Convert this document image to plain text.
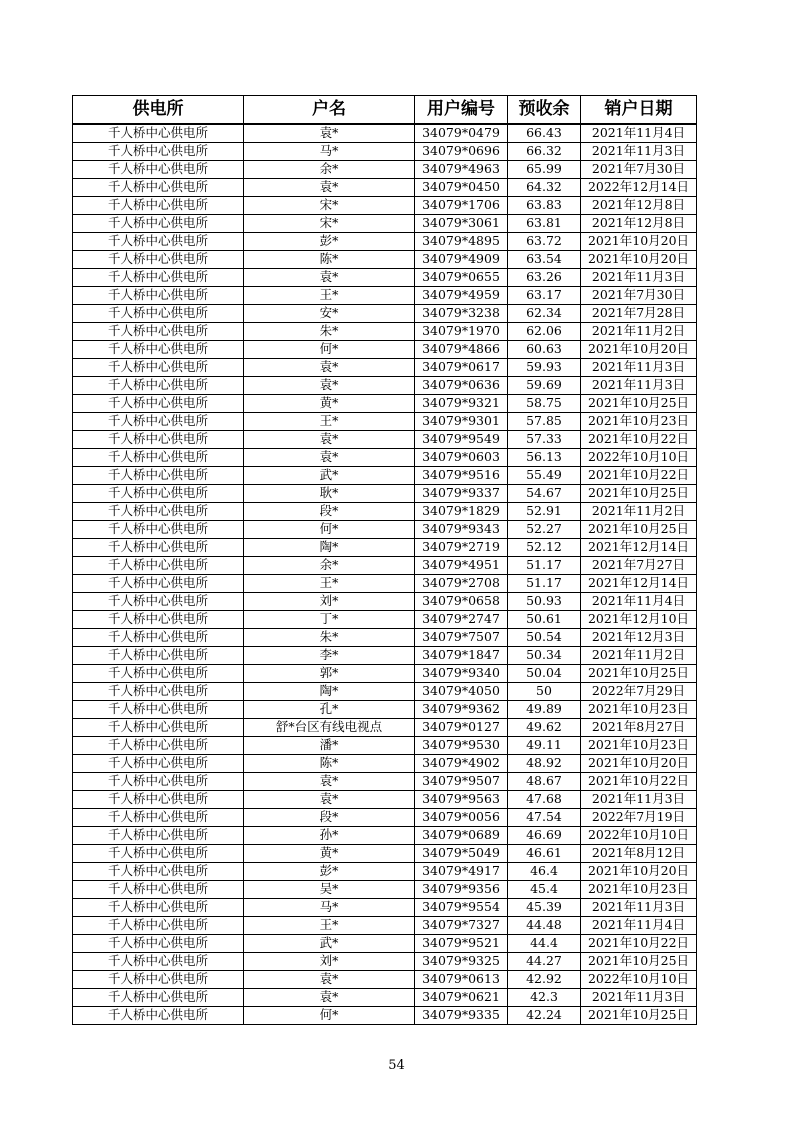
供电所	户名	用户编号	预收余	销户日期
千人桥中心供电所	袁*	34079*0479	66.43	2021年11月4日
千人桥中心供电所	马*	34079*0696	66.32	2021年11月3日
千人桥中心供电所	余*	34079*4963	65.99	2021年7月30日
千人桥中心供电所	袁*	34079*0450	64.32	2022年12月14日
千人桥中心供电所	宋*	34079*1706	63.83	2021年12月8日
千人桥中心供电所	宋*	34079*3061	63.81	2021年12月8日
千人桥中心供电所	彭*	34079*4895	63.72	2021年10月20日
千人桥中心供电所	陈*	34079*4909	63.54	2021年10月20日
千人桥中心供电所	袁*	34079*0655	63.26	2021年11月3日
千人桥中心供电所	王*	34079*4959	63.17	2021年7月30日
千人桥中心供电所	安*	34079*3238	62.34	2021年7月28日
千人桥中心供电所	朱*	34079*1970	62.06	2021年11月2日
千人桥中心供电所	何*	34079*4866	60.63	2021年10月20日
千人桥中心供电所	袁*	34079*0617	59.93	2021年11月3日
千人桥中心供电所	袁*	34079*0636	59.69	2021年11月3日
千人桥中心供电所	黄*	34079*9321	58.75	2021年10月25日
千人桥中心供电所	王*	34079*9301	57.85	2021年10月23日
千人桥中心供电所	袁*	34079*9549	57.33	2021年10月22日
千人桥中心供电所	袁*	34079*0603	56.13	2022年10月10日
千人桥中心供电所	武*	34079*9516	55.49	2021年10月22日
千人桥中心供电所	耿*	34079*9337	54.67	2021年10月25日
千人桥中心供电所	段*	34079*1829	52.91	2021年11月2日
千人桥中心供电所	何*	34079*9343	52.27	2021年10月25日
千人桥中心供电所	陶*	34079*2719	52.12	2021年12月14日
千人桥中心供电所	余*	34079*4951	51.17	2021年7月27日
千人桥中心供电所	王*	34079*2708	51.17	2021年12月14日
千人桥中心供电所	刘*	34079*0658	50.93	2021年11月4日
千人桥中心供电所	丁*	34079*2747	50.61	2021年12月10日
千人桥中心供电所	朱*	34079*7507	50.54	2021年12月3日
千人桥中心供电所	李*	34079*1847	50.34	2021年11月2日
千人桥中心供电所	郭*	34079*9340	50.04	2021年10月25日
千人桥中心供电所	陶*	34079*4050	50	2022年7月29日
千人桥中心供电所	孔*	34079*9362	49.89	2021年10月23日
千人桥中心供电所	舒*台区有线电视点	34079*0127	49.62	2021年8月27日
千人桥中心供电所	潘*	34079*9530	49.11	2021年10月23日
千人桥中心供电所	陈*	34079*4902	48.92	2021年10月20日
千人桥中心供电所	袁*	34079*9507	48.67	2021年10月22日
千人桥中心供电所	袁*	34079*9563	47.68	2021年11月3日
千人桥中心供电所	段*	34079*0056	47.54	2022年7月19日
千人桥中心供电所	孙*	34079*0689	46.69	2022年10月10日
千人桥中心供电所	黄*	34079*5049	46.61	2021年8月12日
千人桥中心供电所	彭*	34079*4917	46.4	2021年10月20日
千人桥中心供电所	吴*	34079*9356	45.4	2021年10月23日
千人桥中心供电所	马*	34079*9554	45.39	2021年11月3日
千人桥中心供电所	王*	34079*7327	44.48	2021年11月4日
千人桥中心供电所	武*	34079*9521	44.4	2021年10月22日
千人桥中心供电所	刘*	34079*9325	44.27	2021年10月25日
千人桥中心供电所	袁*	34079*0613	42.92	2022年10月10日
千人桥中心供电所	袁*	34079*0621	42.3	2021年11月3日
千人桥中心供电所	何*	34079*9335	42.24	2021年10月25日
54
